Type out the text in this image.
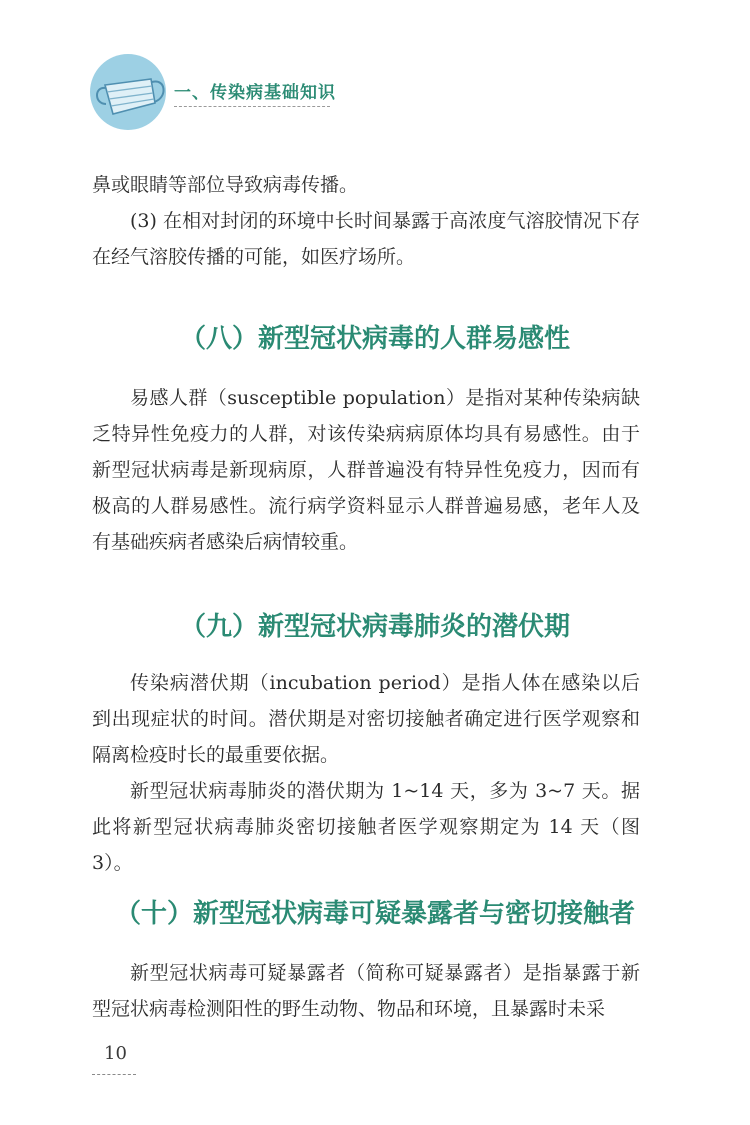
一、传染病基础知识

鼻或眼睛等部位导致病毒传播。

(3) 在相对封闭的环境中长时间暴露于高浓度气溶胶情况下存在经气溶胶传播的可能，如医疗场所。

（八）新型冠状病毒的人群易感性

易感人群（susceptible population）是指对某种传染病缺乏特异性免疫力的人群，对该传染病病原体均具有易感性。由于新型冠状病毒是新现病原，人群普遍没有特异性免疫力，因而有极高的人群易感性。流行病学资料显示人群普遍易感，老年人及有基础疾病者感染后病情较重。

（九）新型冠状病毒肺炎的潜伏期

传染病潜伏期（incubation period）是指人体在感染以后到出现症状的时间。潜伏期是对密切接触者确定进行医学观察和隔离检疫时长的最重要依据。

新型冠状病毒肺炎的潜伏期为 1~14 天，多为 3~7 天。据此将新型冠状病毒肺炎密切接触者医学观察期定为 14 天（图 3）。

（十）新型冠状病毒可疑暴露者与密切接触者

新型冠状病毒可疑暴露者（简称可疑暴露者）是指暴露于新型冠状病毒检测阳性的野生动物、物品和环境，且暴露时未采

10
